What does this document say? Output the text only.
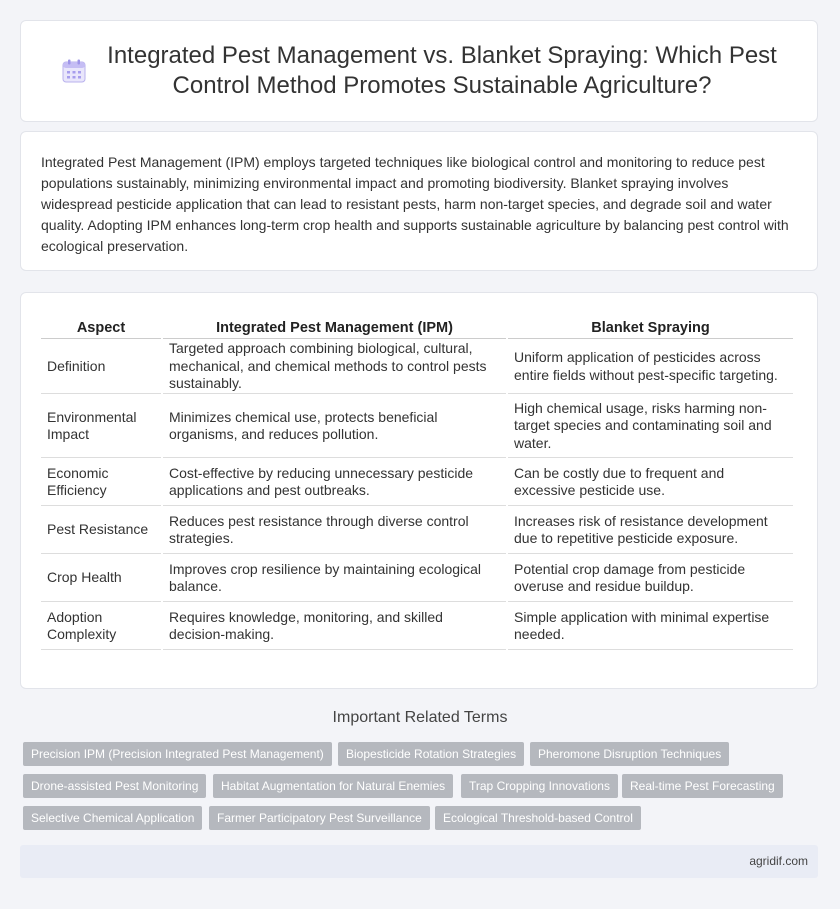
Integrated Pest Management vs. Blanket Spraying: Which Pest Control Method Promotes Sustainable Agriculture?

Integrated Pest Management (IPM) employs targeted techniques like biological control and monitoring to reduce pest populations sustainably, minimizing environmental impact and promoting biodiversity. Blanket spraying involves widespread pesticide application that can lead to resistant pests, harm non-target species, and degrade soil and water quality. Adopting IPM enhances long-term crop health and supports sustainable agriculture by balancing pest control with ecological preservation.

Aspect	Integrated Pest Management (IPM)	Blanket Spraying
Definition	Targeted approach combining biological, cultural, mechanical, and chemical methods to control pests sustainably.	Uniform application of pesticides across entire fields without pest-specific targeting.
Environmental Impact	Minimizes chemical use, protects beneficial organisms, and reduces pollution.	High chemical usage, risks harming non-target species and contaminating soil and water.
Economic Efficiency	Cost-effective by reducing unnecessary pesticide applications and pest outbreaks.	Can be costly due to frequent and excessive pesticide use.
Pest Resistance	Reduces pest resistance through diverse control strategies.	Increases risk of resistance development due to repetitive pesticide exposure.
Crop Health	Improves crop resilience by maintaining ecological balance.	Potential crop damage from pesticide overuse and residue buildup.
Adoption Complexity	Requires knowledge, monitoring, and skilled decision-making.	Simple application with minimal expertise needed.
Important Related Terms
Precision IPM (Precision Integrated Pest Management)	Biopesticide Rotation Strategies	Pheromone Disruption Techniques
Drone-assisted Pest Monitoring	Habitat Augmentation for Natural Enemies	Trap Cropping Innovations	Real-time Pest Forecasting
Selective Chemical Application	Farmer Participatory Pest Surveillance	Ecological Threshold-based Control
agridif.com
